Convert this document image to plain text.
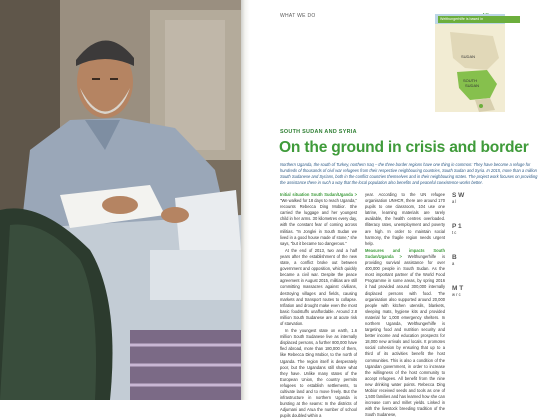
WHAT WE DO	Welthungerhilfe is based in
SUDAN
SOUTH
SUDAN
SOUTH SUDAN AND SYRIA
On the ground in crisis and border
Northern Uganda, the south of Turkey, northern Iraq – the three border regions have one thing in common: They have become a refuge for hundreds of thousands of civil war refugees from their respective neighbouring countries, South Sudan and Syria. In 2015, more than a million South Sudanese and Syrians, both in the conflict countries themselves and in their neighbouring states. The project work focuses on providing the assistance there in such a way that the local population also benefits and peaceful coexistence works better.

Initial situation South Sudan/Uganda > "We walked for 18 days to reach Uganda," recounts Rebecca Ding Mobior. She carried the luggage and her youngest child in her arms. 30 kilometres every day, with the constant fear of coming across militias. "In Jonglei in South Sudan we lived in a good house made of stone," she says, "but it became too dangerous."

At the end of 2013, two and a half years after the establishment of the new state, a conflict broke out between government and opposition, which quickly became a civil war. Despite the peace agreement in August 2015, militias are still committing massacres against civilians, destroying villages and fields, causing markets and transport routes to collapse. Inflation and drought make even the most basic foodstuffs unaffordable. Around 2.8 million South Sudanese are at acute risk of starvation.

In the youngest state on earth, 1.6 million South Sudanese live as internally displaced persons, a further 800,000 have fled abroad, more than 180,000 of them, like Rebecca Ding Mobior, to the north of Uganda. The region itself is desperately poor, but the Ugandans still share what they have. Unlike many states of the European Union, the country permits refugees to establish settlements, to cultivate land and to move freely. But the infrastructure in northern Uganda is bursting at the seams: In the districts of Adjumani and Arua the number of school pupils doubled within a

year. According to the UN refugee organisation UNHCR, there are around 170 pupils to one classroom, 104 use one latrine, learning materials are rarely available, the health centres overloaded. Illiteracy rates, unemployment and poverty are high. In order to maintain social harmony, the fragile region needs urgent help.

Measures and impacts South Sudan/Uganda > Welthungerhilfe is providing survival assistance for over 400,000 people in South Sudan. As the most important partner of the World Food Programme in some areas, by spring 2016 it had provided around 300,000 internally displaced persons with food. The organisation also supported around 20,000 people with kitchen utensils, blankets, sleeping mats, hygiene kits and provided material for 1,000 emergency shelters. In northern Uganda, Welthungerhilfe is targeting food and nutrition security and better income and education prospects for 18,000 new arrivals and locals. It promotes social cohesion by ensuring that up to a third of its activities benefit the host communities. This is also a condition of the Ugandan government, in order to increase the willingness of the host community to accept refugees. All benefit from the nine new drinking water points. Rebecca Ding Mobior received seeds and tools as one of 1,500 families and has learned how she can increase corn and millet yields. Linked in with the livestock breeding tradition of the South Sudanese,

S W
a l
P 1
t c
B
a
M T
w r c
